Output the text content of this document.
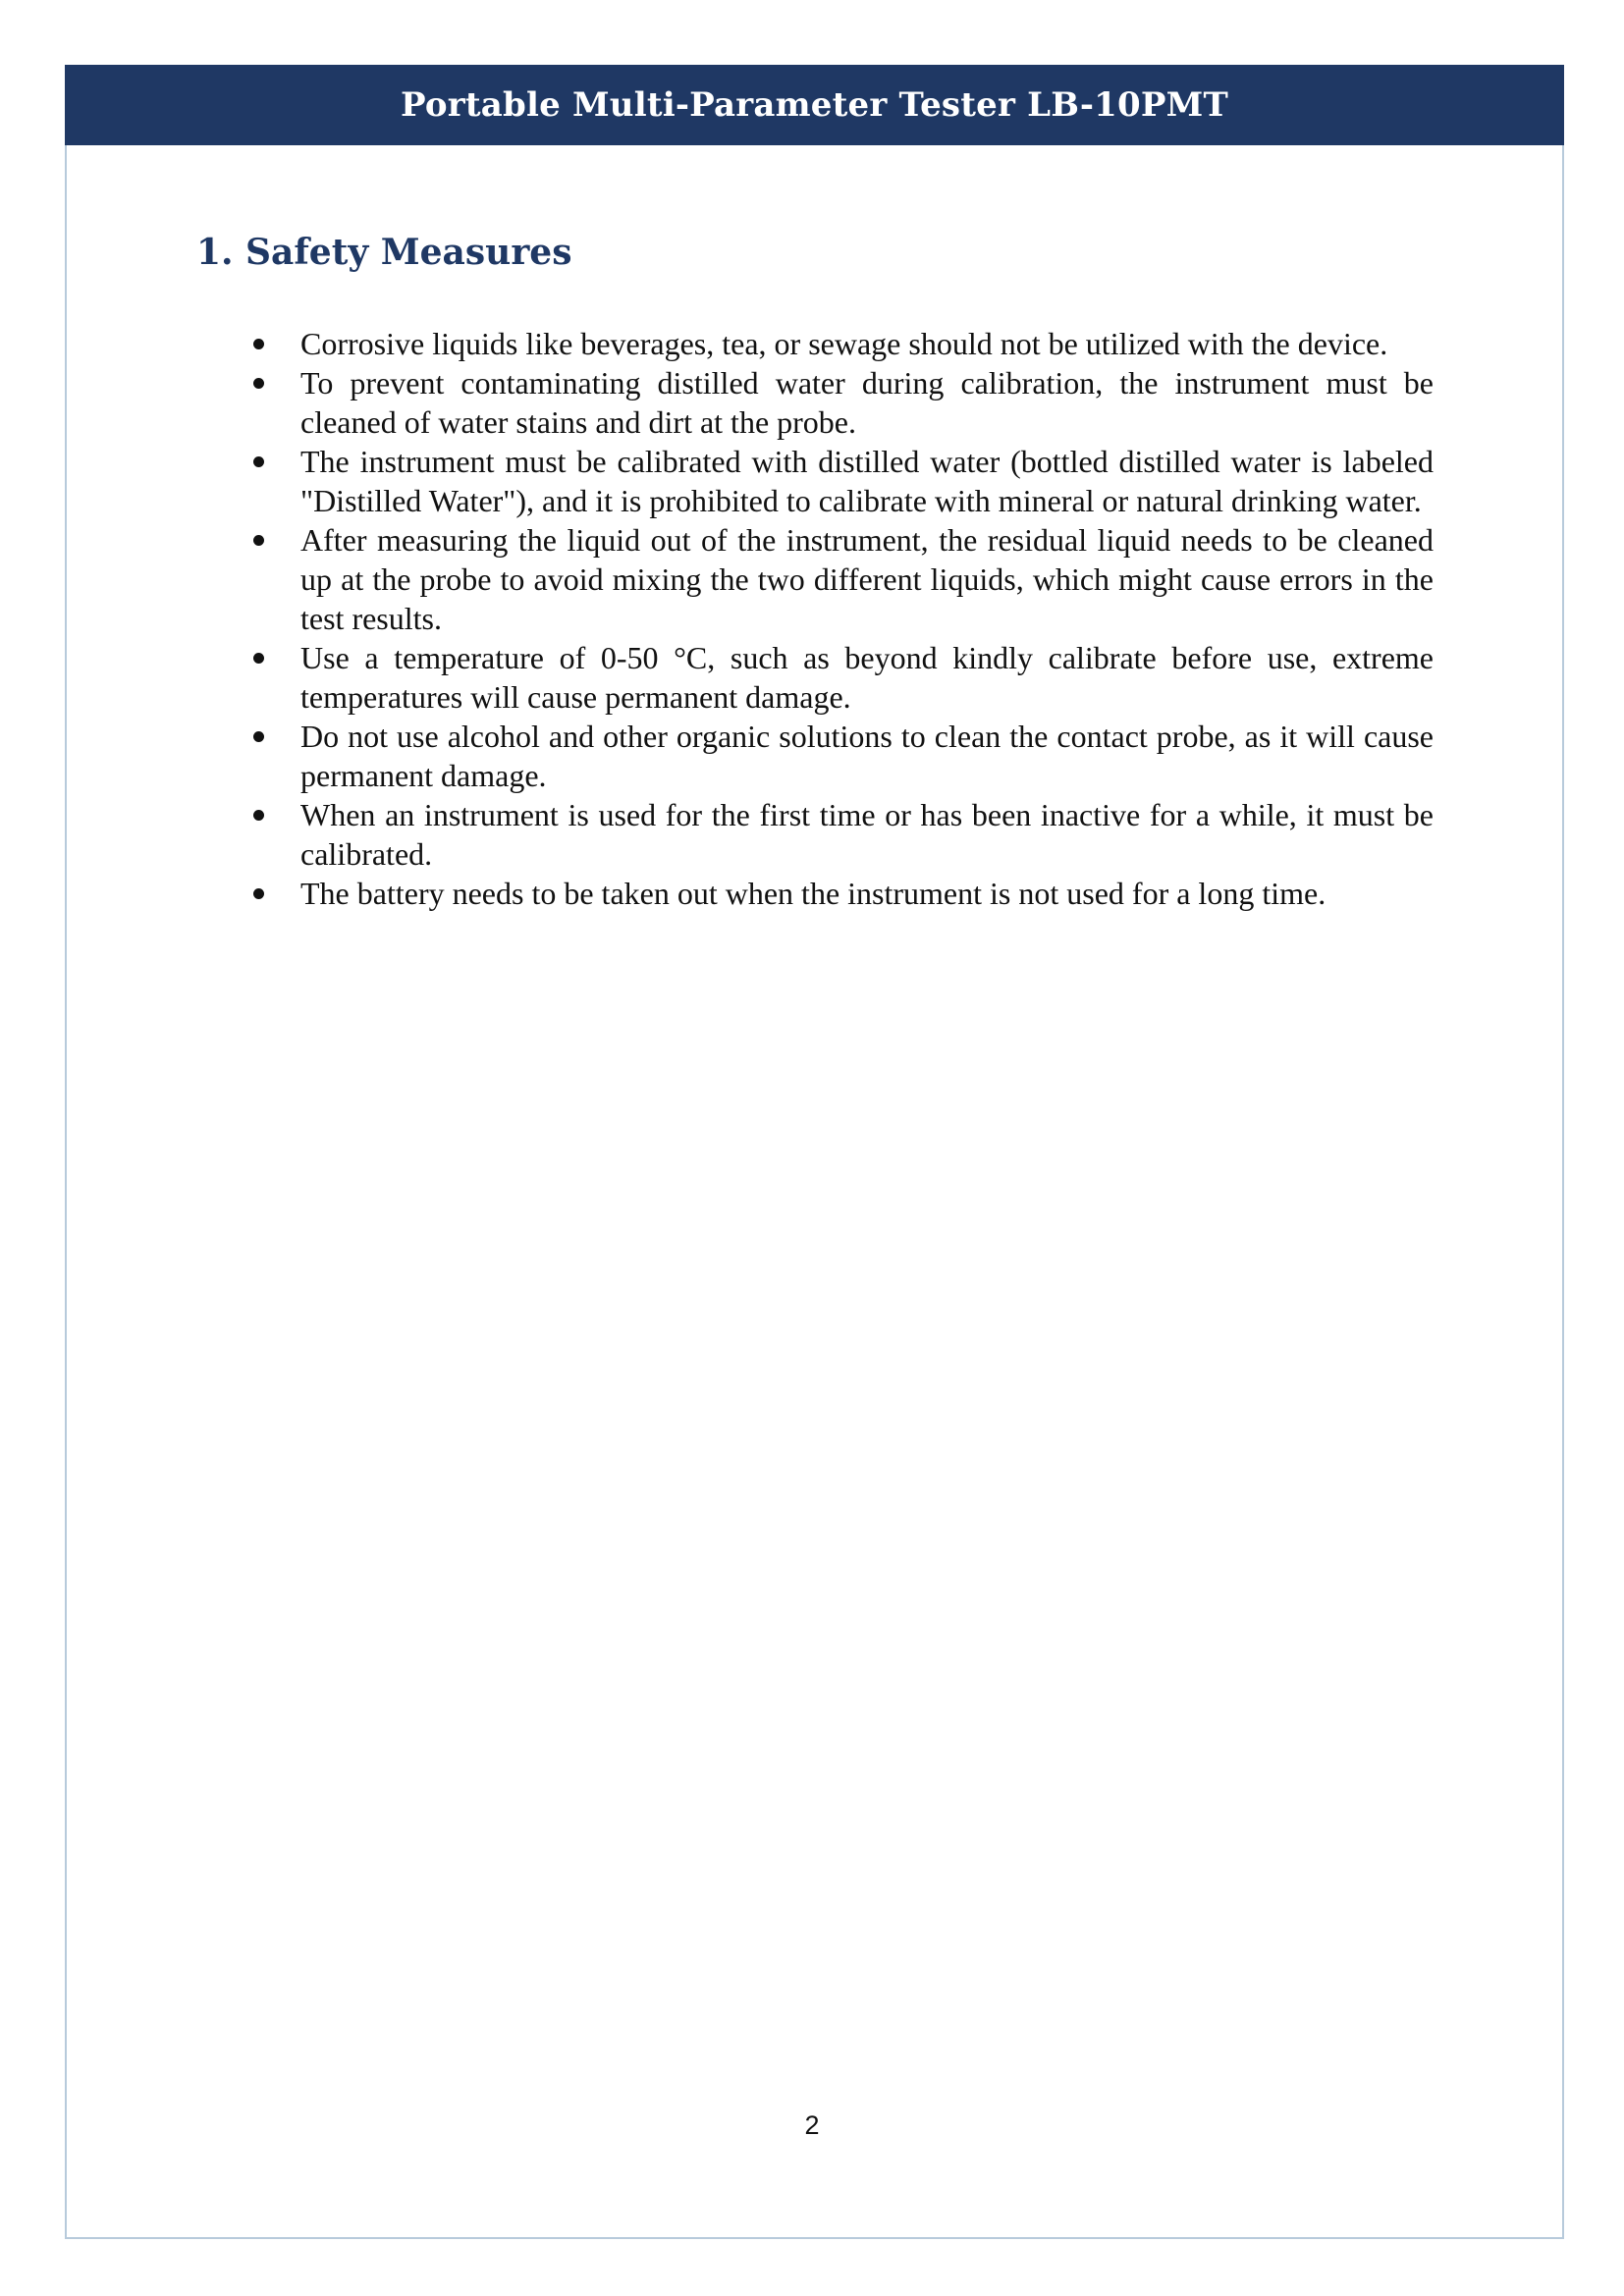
Portable Multi-Parameter Tester LB-10PMT
1. Safety Measures
Corrosive liquids like beverages, tea, or sewage should not be utilized with the device.
To prevent contaminating distilled water during calibration, the instrument must be cleaned of water stains and dirt at the probe.
The instrument must be calibrated with distilled water (bottled distilled water is labeled "Distilled Water"), and it is prohibited to calibrate with mineral or natural drinking water.
After measuring the liquid out of the instrument, the residual liquid needs to be cleaned up at the probe to avoid mixing the two different liquids, which might cause errors in the test results.
Use a temperature of 0-50 °C, such as beyond kindly calibrate before use, extreme temperatures will cause permanent damage.
Do not use alcohol and other organic solutions to clean the contact probe, as it will cause permanent damage.
When an instrument is used for the first time or has been inactive for a while, it must be calibrated.
The battery needs to be taken out when the instrument is not used for a long time.
2
